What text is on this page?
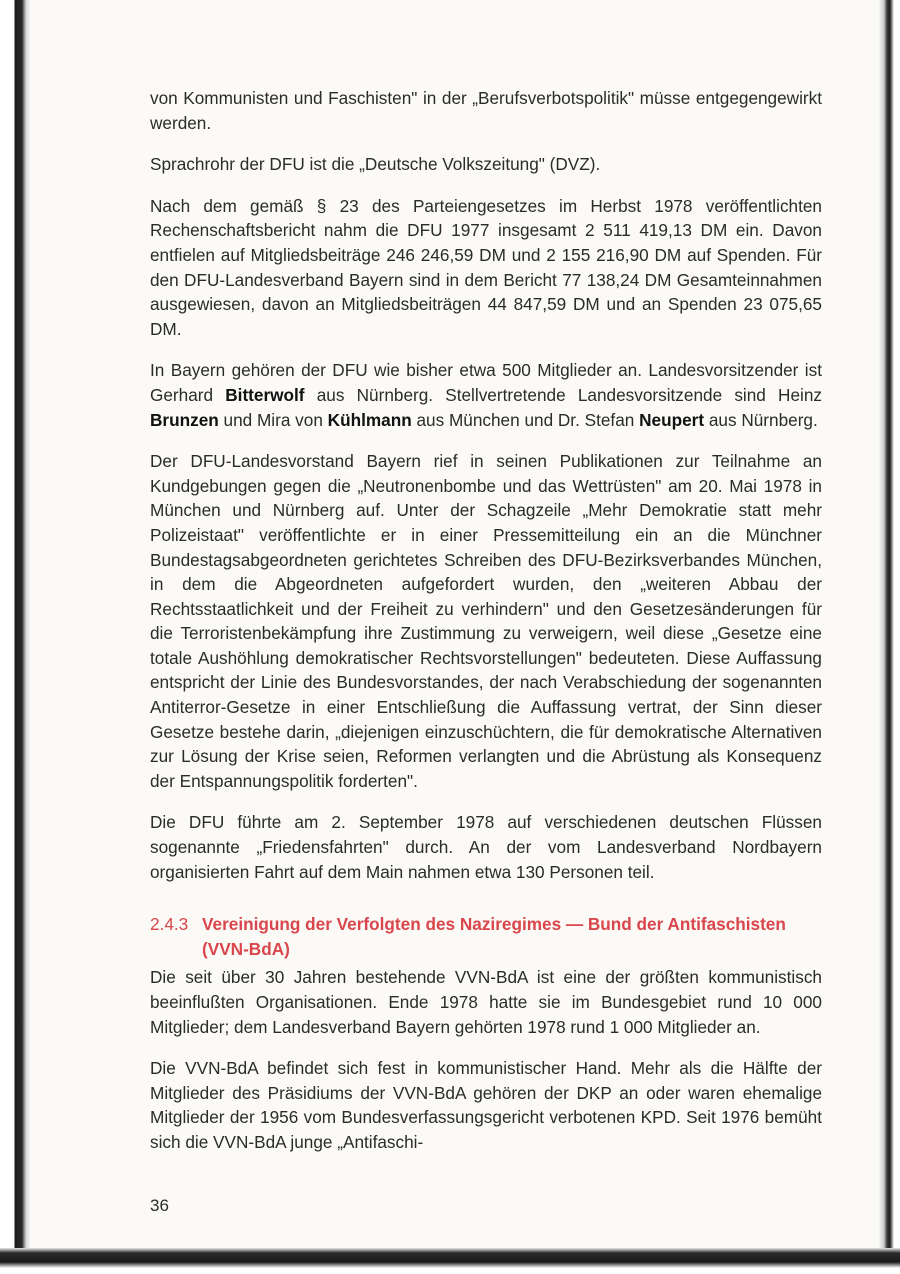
von Kommunisten und Faschisten" in der „Berufsverbotspolitik" müsse entgegengewirkt werden.

Sprachrohr der DFU ist die „Deutsche Volkszeitung" (DVZ).

Nach dem gemäß § 23 des Parteiengesetzes im Herbst 1978 veröffentlichten Rechenschaftsbericht nahm die DFU 1977 insgesamt 2 511 419,13 DM ein. Davon entfielen auf Mitgliedsbeiträge 246 246,59 DM und 2 155 216,90 DM auf Spenden. Für den DFU-Landesverband Bayern sind in dem Bericht 77 138,24 DM Gesamteinnahmen ausgewiesen, davon an Mitgliedsbeiträgen 44 847,59 DM und an Spenden 23 075,65 DM.

In Bayern gehören der DFU wie bisher etwa 500 Mitglieder an. Landesvorsitzender ist Gerhard Bitterwolf aus Nürnberg. Stellvertretende Landesvorsitzende sind Heinz Brunzen und Mira von Kühlmann aus München und Dr. Stefan Neupert aus Nürnberg.

Der DFU-Landesvorstand Bayern rief in seinen Publikationen zur Teilnahme an Kundgebungen gegen die „Neutronenbombe und das Wettrüsten" am 20. Mai 1978 in München und Nürnberg auf. Unter der Schagzeile „Mehr Demokratie statt mehr Polizeistaat" veröffentlichte er in einer Pressemitteilung ein an die Münchner Bundestagsabgeordneten gerichtetes Schreiben des DFU-Bezirksverbandes München, in dem die Abgeordneten aufgefordert wurden, den „weiteren Abbau der Rechtsstaatlichkeit und der Freiheit zu verhindern" und den Gesetzesänderungen für die Terroristenbekämpfung ihre Zustimmung zu verweigern, weil diese „Gesetze eine totale Aushöhlung demokratischer Rechtsvorstellungen" bedeuteten. Diese Auffassung entspricht der Linie des Bundesvorstandes, der nach Verabschiedung der sogenannten Antiterror-Gesetze in einer Entschließung die Auffassung vertrat, der Sinn dieser Gesetze bestehe darin, „diejenigen einzuschüchtern, die für demokratische Alternativen zur Lösung der Krise seien, Reformen verlangten und die Abrüstung als Konsequenz der Entspannungspolitik forderten".

Die DFU führte am 2. September 1978 auf verschiedenen deutschen Flüssen sogenannte „Friedensfahrten" durch. An der vom Landesverband Nordbayern organisierten Fahrt auf dem Main nahmen etwa 130 Personen teil.

2.4.3 Vereinigung der Verfolgten des Naziregimes — Bund der Antifaschisten (VVN-BdA)

Die seit über 30 Jahren bestehende VVN-BdA ist eine der größten kommunistisch beeinflußten Organisationen. Ende 1978 hatte sie im Bundesgebiet rund 10 000 Mitglieder; dem Landesverband Bayern gehörten 1978 rund 1 000 Mitglieder an.

Die VVN-BdA befindet sich fest in kommunistischer Hand. Mehr als die Hälfte der Mitglieder des Präsidiums der VVN-BdA gehören der DKP an oder waren ehemalige Mitglieder der 1956 vom Bundesverfassungsgericht verbotenen KPD. Seit 1976 bemüht sich die VVN-BdA junge „Antifaschi-

36
